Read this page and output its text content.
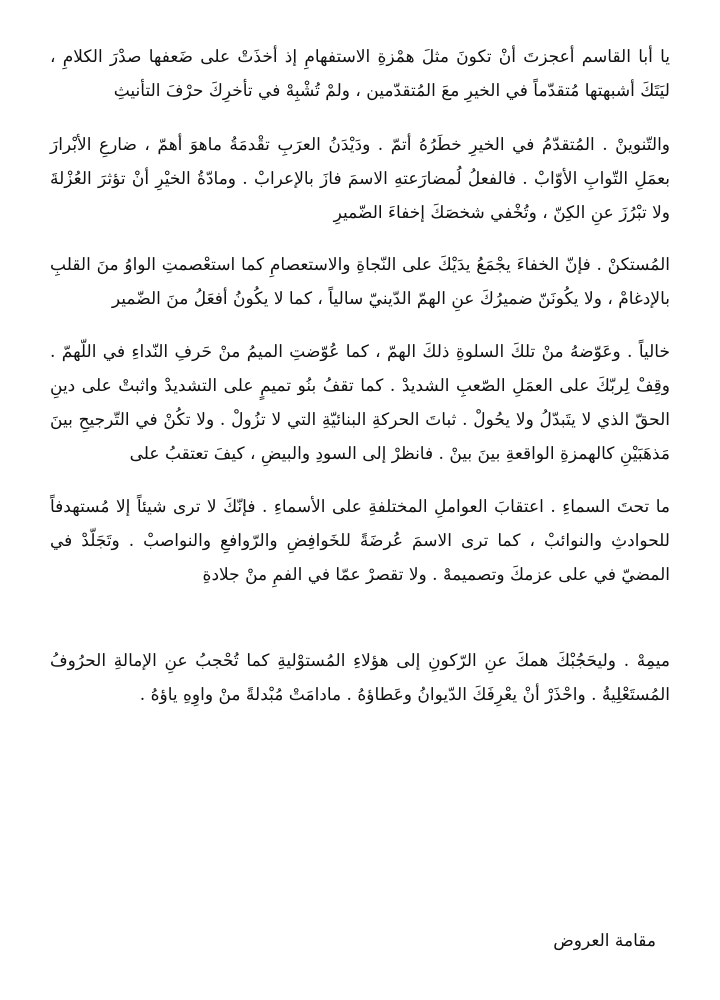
يا أبا القاسم أعجزتَ أنْ تكونَ مثلَ همْزةِ الاستفهامِ إذ أخذَتْ على ضَعفها صدْرَ الكلامِ ، ليَتَكَ أشبهتها مُتقدّماً في الخيرِ معَ المُتقدّمين ، ولمْ تُشْبِهْ في تأخرِكَ حرْفَ التأنيثِ

والتّنوينْ . المُتقدّمُ في الخيرِ خطَرُهُ أتمّ . ودَيْدَنُ العرَبِ تقْدمَةُ ماهوَ أهمّ ، ضارعِ الأبْرارَ بعمَلِ التّوابِ الأوّابْ . فالفعلُ لُمضارَعتهِ الاسمَ فازَ بالإعرابْ . ومادّةُ الخيْرِ أنْ تؤثرَ العُزْلةَ ولا تبْرُزَ عنِ الكِنّ ، وتُخْفي شخصَكَ إخفاءَ الضّميرِ

المُستكنْ . فإنّ الخفاءَ يجْمَعُ يدَيْكَ على النّجاةِ والاستعصامِ كما استعْصمتِ الواوُ منَ القلبِ بالإدغامْ ، ولا يكُونَنّ ضميرُكَ عنِ الهمّ الدّينيّ سالياً ، كما لا يكُونُ أفعَلُ منَ الضّمير

خالياً . وعَوّضهُ منْ تلكَ السلوةِ ذلكَ الهمّ ، كما عُوّضتِ الميمُ منْ حَرفِ النّداءِ في اللّهمّ . وقِفْ لِربّكَ على العمَلِ الصّعبِ الشديدْ . كما تقفُ بنُو تميمٍ على التشديدْ واثبتْ على دينِ الحقّ الذي لا يتَبدّلُ ولا يحُولْ . ثباتَ الحركةِ البنائيّةِ التي لا تزُولْ . ولا تكُنْ في التّرجيحِ بينَ مَذهَبَيْنِ كالهمزةِ الواقعةِ بينَ بينْ . فانظرْ إلى السودِ والبيضِ ، كيفَ تعتقبُ على

ما تحتَ السماءِ . اعتقابَ العواملِ المختلفةِ على الأسماءِ . فإنّكَ لا ترى شيئاً إلا مُستهدفاً للحوادثِ والنوائبْ ، كما ترى الاسمَ عُرضَةً للخَوافِضِ والرّوافعِ والنواصبْ . وتَجَلّدْ في المضيّ في على عزمكَ وتصميمهْ . ولا تقصرْ عمّا في الفمِ منْ جلادةِ

ميمِهْ . وليحَجُبْكَ همكَ عنِ الرّكونِ إلى هؤلاءِ المُستوْليةِ كما تُحْجبُ عنِ الإمالةِ الحرُوفُ المُستَعْلِيةُ . واحْذَرْ أنْ يعْرِفَكَ الدّيوانُ وعَطاؤهُ . مادامَتْ مُبْدلةً منْ واوِهِ ياؤهُ .

مقامة العروض
